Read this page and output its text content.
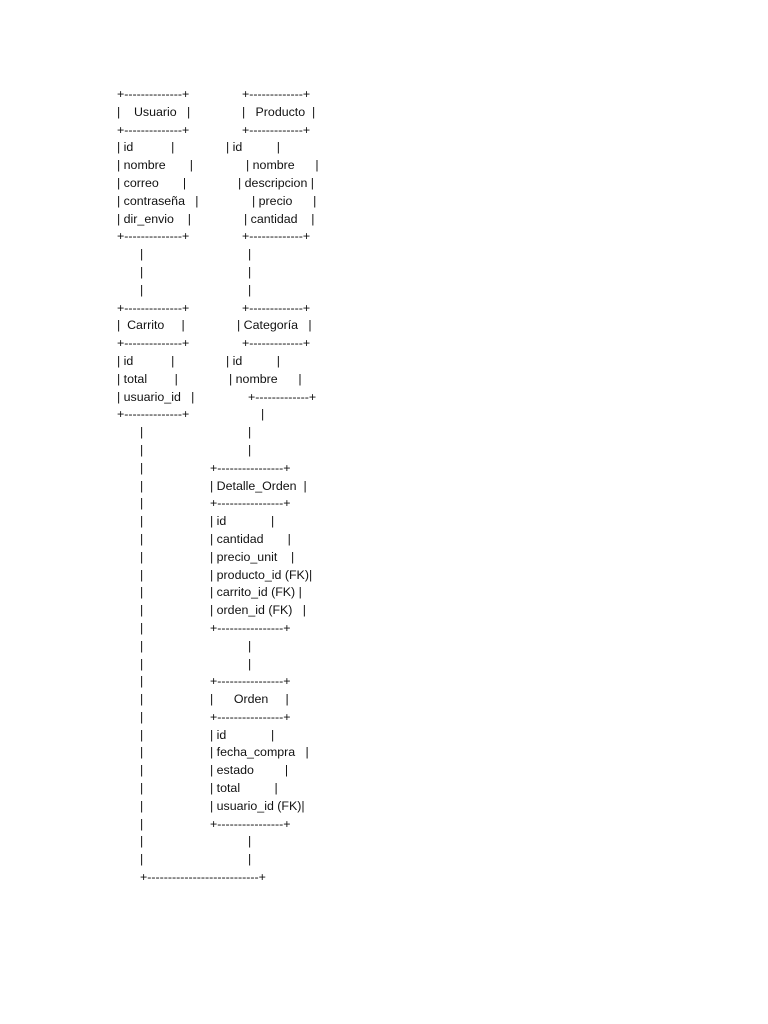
+--------------+	+-------------+
|    Usuario   |	|   Producto  |
+--------------+	+-------------+
| id           |	| id          |
| nombre       |	| nombre      |
| correo       |	| descripcion |
| contraseña   |	| precio      |
| dir_envio    |	| cantidad    |
+--------------+	+-------------+
|	|
|	|
|	|
+--------------+	+-------------+
|  Carrito     |	| Categoría   |
+--------------+	+-------------+
| id           |	| id          |
| total        |	| nombre      |
| usuario_id   |	+-------------+
+--------------+	|
|	|
|	|
|	+----------------+
|	| Detalle_Orden  |
|	+----------------+
|	| id             |
|	| cantidad       |
|	| precio_unit    |
|	| producto_id (FK)|
|	| carrito_id (FK) |
|	| orden_id (FK)   |
|	+----------------+
|	|
|	|
|	+----------------+
|	|      Orden     |
|	+----------------+
|	| id             |
|	| fecha_compra   |
|	| estado         |
|	| total          |
|	| usuario_id (FK)|
|	+----------------+
|	|
|	|
+---------------------------+
